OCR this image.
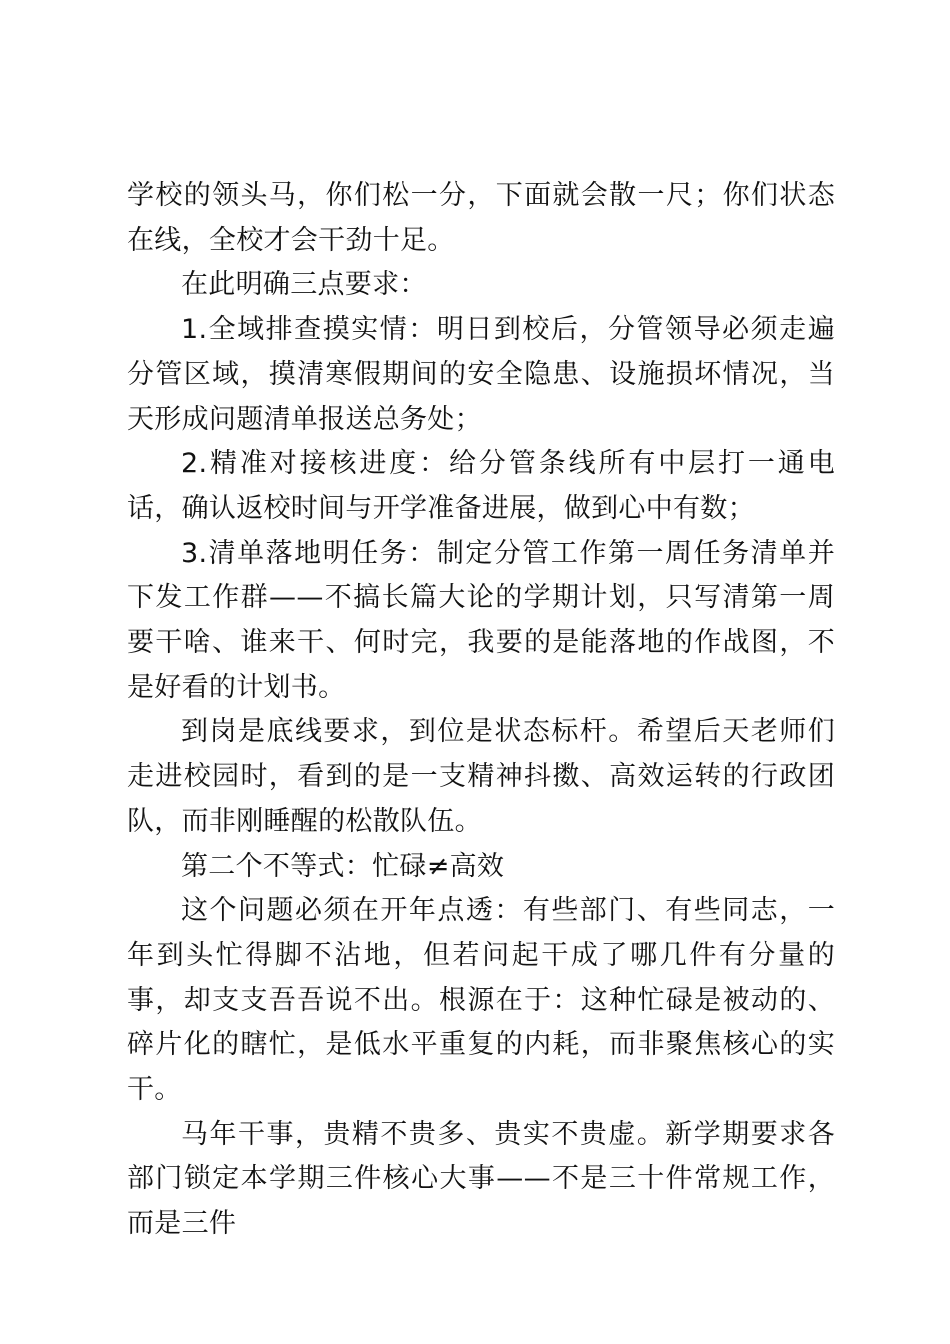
学校的领头马，你们松一分，下面就会散一尺；你们状态在线，全校才会干劲十足。

在此明确三点要求：

1.全域排查摸实情：明日到校后，分管领导必须走遍分管区域，摸清寒假期间的安全隐患、设施损坏情况，当天形成问题清单报送总务处；

2.精准对接核进度：给分管条线所有中层打一通电话，确认返校时间与开学准备进展，做到心中有数；

3.清单落地明任务：制定分管工作第一周任务清单并下发工作群——不搞长篇大论的学期计划，只写清第一周要干啥、谁来干、何时完，我要的是能落地的作战图，不是好看的计划书。

到岗是底线要求，到位是状态标杆。希望后天老师们走进校园时，看到的是一支精神抖擞、高效运转的行政团队，而非刚睡醒的松散队伍。

第二个不等式：忙碌≠高效

这个问题必须在开年点透：有些部门、有些同志，一年到头忙得脚不沾地，但若问起干成了哪几件有分量的事，却支支吾吾说不出。根源在于：这种忙碌是被动的、碎片化的瞎忙，是低水平重复的内耗，而非聚焦核心的实干。

马年干事，贵精不贵多、贵实不贵虚。新学期要求各部门锁定本学期三件核心大事——不是三十件常规工作，而是三件
